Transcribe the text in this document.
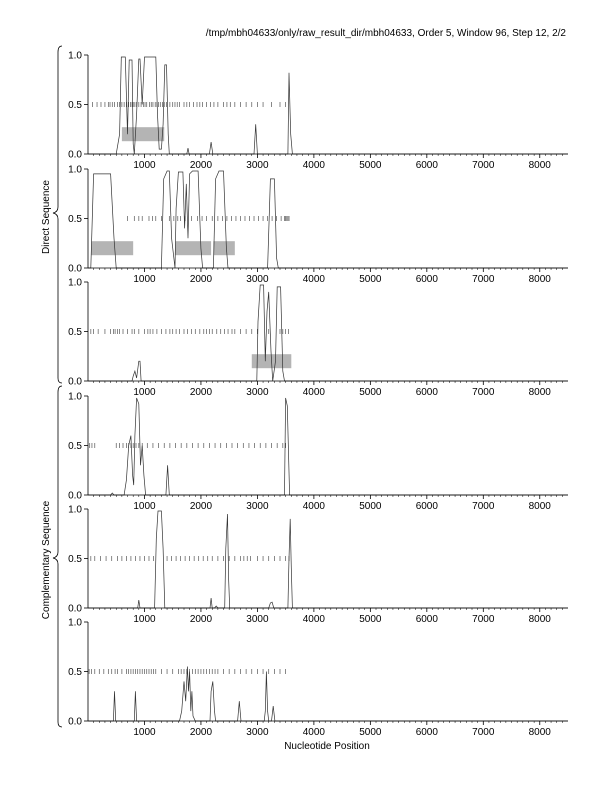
/tmp/mbh04633/only/raw_result_dir/mbh04633, Order 5, Window 96, Step 12, 2/2
0.0
0.5
1.0
1000	2000	3000	4000	5000	6000	7000	8000
0.0
0.5
1.0
1000	2000	3000	4000	5000	6000	7000	8000
0.0
0.5
1.0
1000	2000	3000	4000	5000	6000	7000	8000
0.0
0.5
1.0
1000	2000	3000	4000	5000	6000	7000	8000
0.0
0.5
1.0
1000	2000	3000	4000	5000	6000	7000	8000
0.0
0.5
1.0
1000	2000	3000	4000	5000	6000	7000	8000
Nucleotide Position
Direct Sequence
Complementary Sequence
